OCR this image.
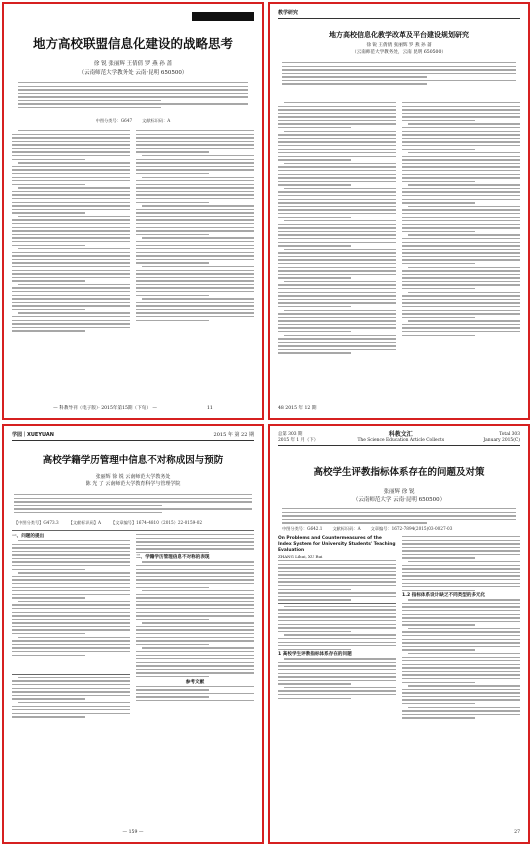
地方高校联盟信息化建设的战略思考
徐 锐 张丽辉 王倩倩 罗 燕 孙 蔷
（云南师范大学教务处 云南·昆明 650500）
中图分类号：G647 文献标识码：A
— 科教导刊（电子版）· 2015年第15期（下旬） —	11
教学研究
地方高校信息化教学改革及平台建设规划研究
徐 锐 王倩倩 张丽辉 罗 燕 孙 蔷
（云南师范大学教务处，云南 昆明 650500）
48 2015 年 12 期
学园｜XUEYUAN	2015 年 第 22 期
高校学籍学历管理中信息不对称成因与预防
张丽辉 徐 锐 云南师范大学教务处
陈 光 了 云南师范大学教育科学与管理学院
【中图分类号】G473.3 【文献标识码】A 【文章编号】1674-4810（2015）22-0159-02
一、问题的提出
二、学籍学历管理信息不对称的表现
参考文献
— 159 —
总第 303 期
2015 年 1 月（下）
科教文汇
The Science Education Article Collects
Total 303
January 2015(C)
高校学生评教指标体系存在的问题及对策
张丽辉 徐 锐
（云南师范大学 云南·昆明 650500）
中图分类号：G642.1 文献标识码：A 文章编号：1672-7894(2015)03-0027-03
On Problems and Countermeasures of the Index System for University Students' Teaching Evaluation
ZHANG Lihui, XU Rui
1 高校学生评教指标体系存在的问题
1.2 指标体系设计缺乏不同类型的多元化
27
